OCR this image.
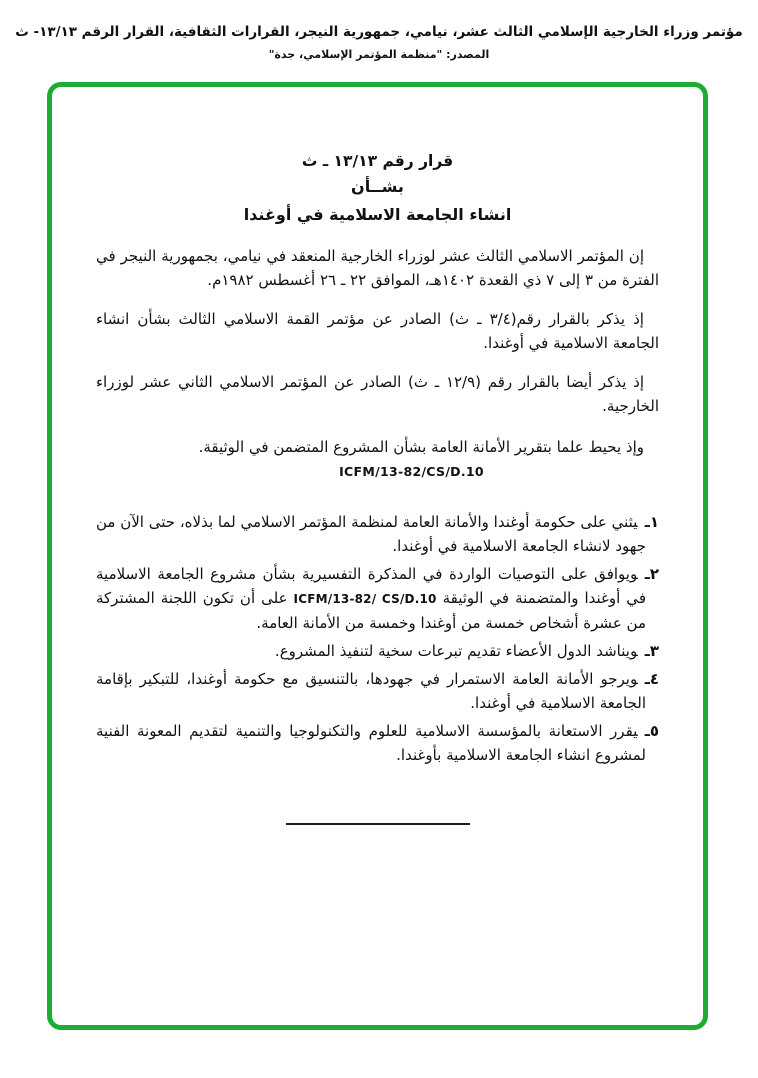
مؤتمر وزراء الخارجية الإسلامي الثالث عشر، نيامي، جمهورية النيجر، القرارات الثقافية، القرار الرقم ١٣/١٣- ث
المصدر: "منظمة المؤتمر الإسلامي، جدة"
قرار رقم ١٣/١٣ ـ ث
بشــأن
انشاء الجامعة الاسلامية في أوغندا

إن المؤتمر الاسلامي الثالث عشر لوزراء الخارجية المنعقد في نيامي، بجمهورية النيجر في الفترة من ٣ إلى ٧ ذي القعدة ١٤٠٢هـ، الموافق ٢٢ ـ ٢٦ أغسطس ١٩٨٢م.

إذ يذكر بالقرار رقم(٣/٤ ـ ث) الصادر عن مؤتمر القمة الاسلامي الثالث بشأن انشاء الجامعة الاسلامية في أوغندا.

إذ يذكر أيضا بالقرار رقم (١٢/٩ ـ ث) الصادر عن المؤتمر الاسلامي الثاني عشر لوزراء الخارجية.

وإذ يحيط علما بتقرير الأمانة العامة بشأن المشروع المتضمن في الوثيقة.

ICFM/13-82/CS/D.10
١ـيثني على حكومة أوغندا والأمانة العامة لمنظمة المؤتمر الاسلامي لما بذلاه، حتى الآن من جهود لانشاء الجامعة الاسلامية في أوغندا.
٢ـويوافق على التوصيات الواردة في المذكرة التفسيرية بشأن مشروع الجامعة الاسلامية في أوغندا والمتضمنة في الوثيقة ICFM/13-82/ CS/D.10 على أن تكون اللجنة المشتركة من عشرة أشخاص خمسة من أوغندا وخمسة من الأمانة العامة.
٣ـويناشد الدول الأعضاء تقديم تبرعات سخية لتنفيذ المشروع.
٤ـويرجو الأمانة العامة الاستمرار في جهودها، بالتنسيق مع حكومة أوغندا، للتبكير بإقامة الجامعة الاسلامية في أوغندا.
٥ـيقرر الاستعانة بالمؤسسة الاسلامية للعلوم والتكنولوجيا والتنمية لتقديم المعونة الفنية لمشروع انشاء الجامعة الاسلامية بأوغندا.
